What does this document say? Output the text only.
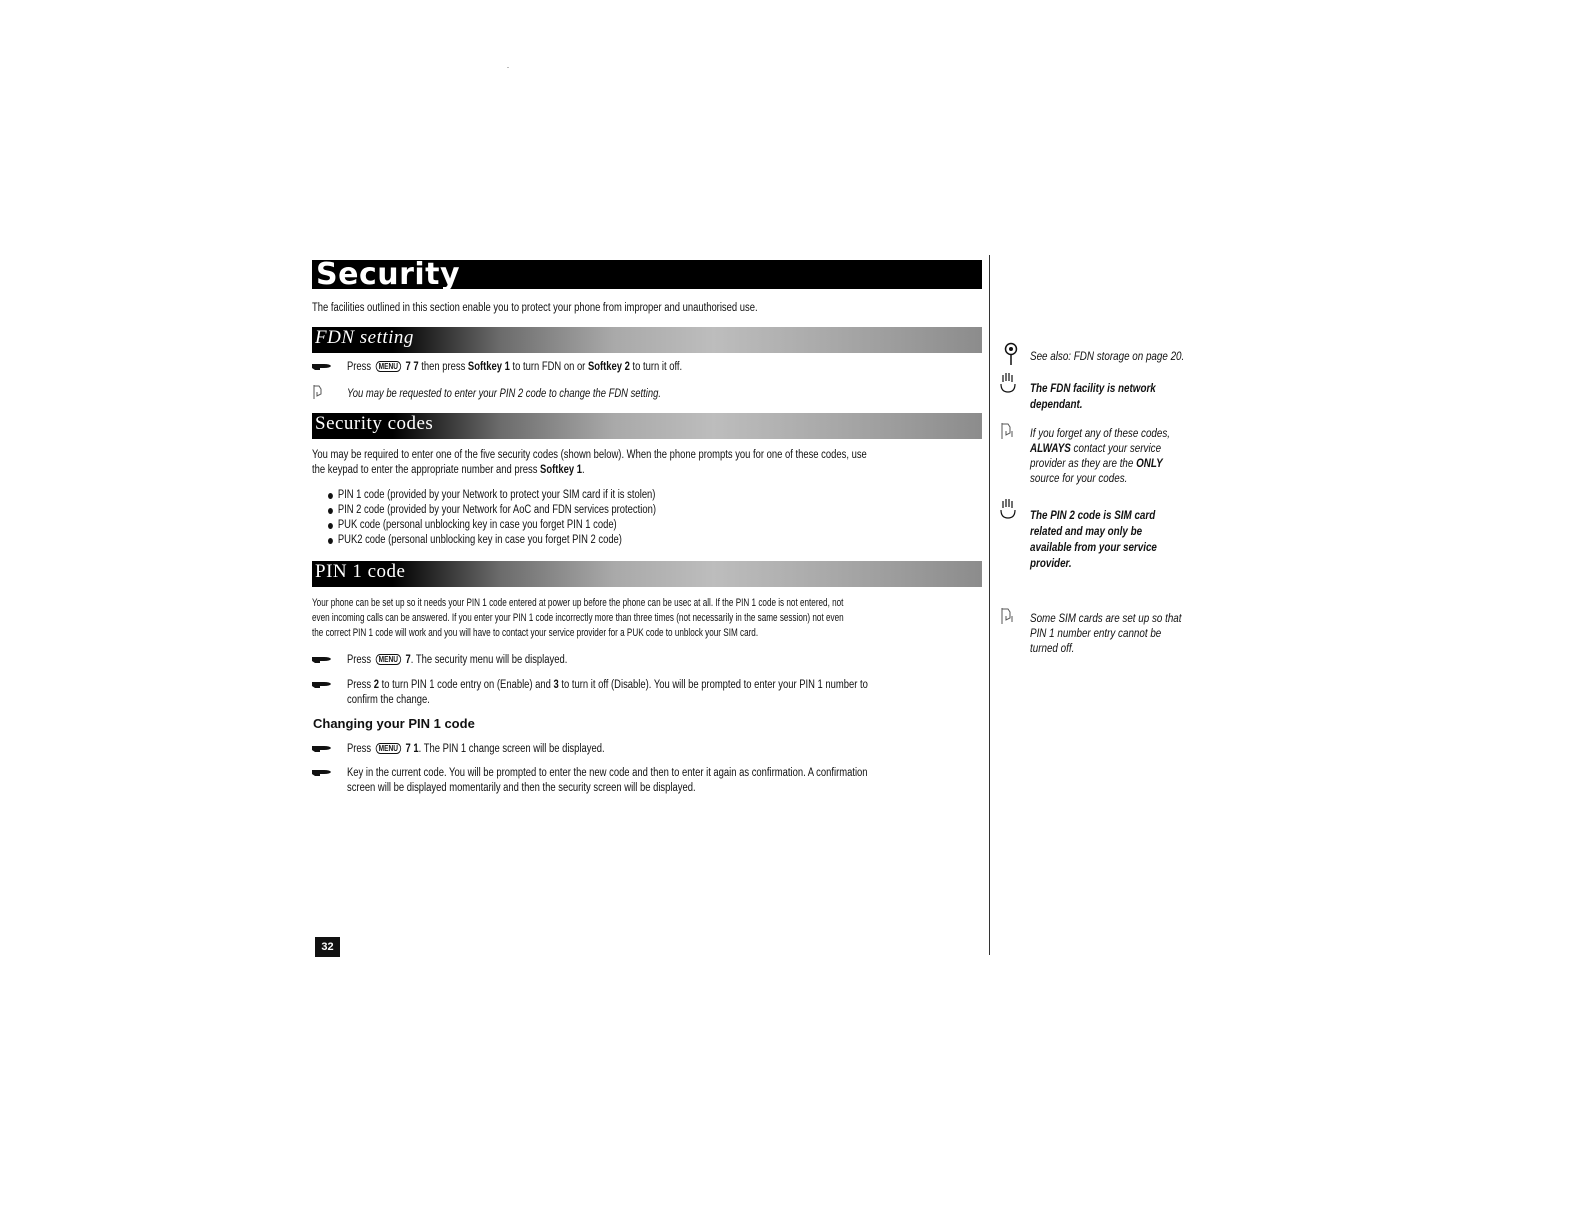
Security
The facilities outlined in this section enable you to protect your phone from improper and unauthorised use.
FDN setting
Press MENU 7 7 then press Softkey 1 to turn FDN on or Softkey 2 to turn it off.
You may be requested to enter your PIN 2 code to change the FDN setting.
Security codes
You may be required to enter one of the five security codes (shown below). When the phone prompts you for one of these codes, use
the keypad to enter the appropriate number and press Softkey 1.
PIN 1 code (provided by your Network to protect your SIM card if it is stolen)
PIN 2 code (provided by your Network for AoC and FDN services protection)
PUK code (personal unblocking key in case you forget PIN 1 code)
PUK2 code (personal unblocking key in case you forget PIN 2 code)
PIN 1 code
Your phone can be set up so it needs your PIN 1 code entered at power up before the phone can be usec at all. If the PIN 1 code is not entered, not
even incoming calls can be answered. If you enter your PIN 1 code incorrectly more than three times (not necessarily in the same session) not even
the correct PIN 1 code will work and you will have to contact your service provider for a PUK code to unblock your SIM card.
Press MENU 7. The security menu will be displayed.
Press 2 to turn PIN 1 code entry on (Enable) and 3 to turn it off (Disable). You will be prompted to enter your PIN 1 number to
confirm the change.
Changing your PIN 1 code
Press MENU 7 1. The PIN 1 change screen will be displayed.
Key in the current code. You will be prompted to enter the new code and then to enter it again as confirmation. A confirmation
screen will be displayed momentarily and then the security screen will be displayed.
32
See also: FDN storage on page 20.
The FDN facility is network
dependant.
If you forget any of these codes,
ALWAYS contact your service
provider as they are the ONLY
source for your codes.
The PIN 2 code is SIM card
related and may only be
available from your service
provider.
Some SIM cards are set up so that
PIN 1 number entry cannot be
turned off.
